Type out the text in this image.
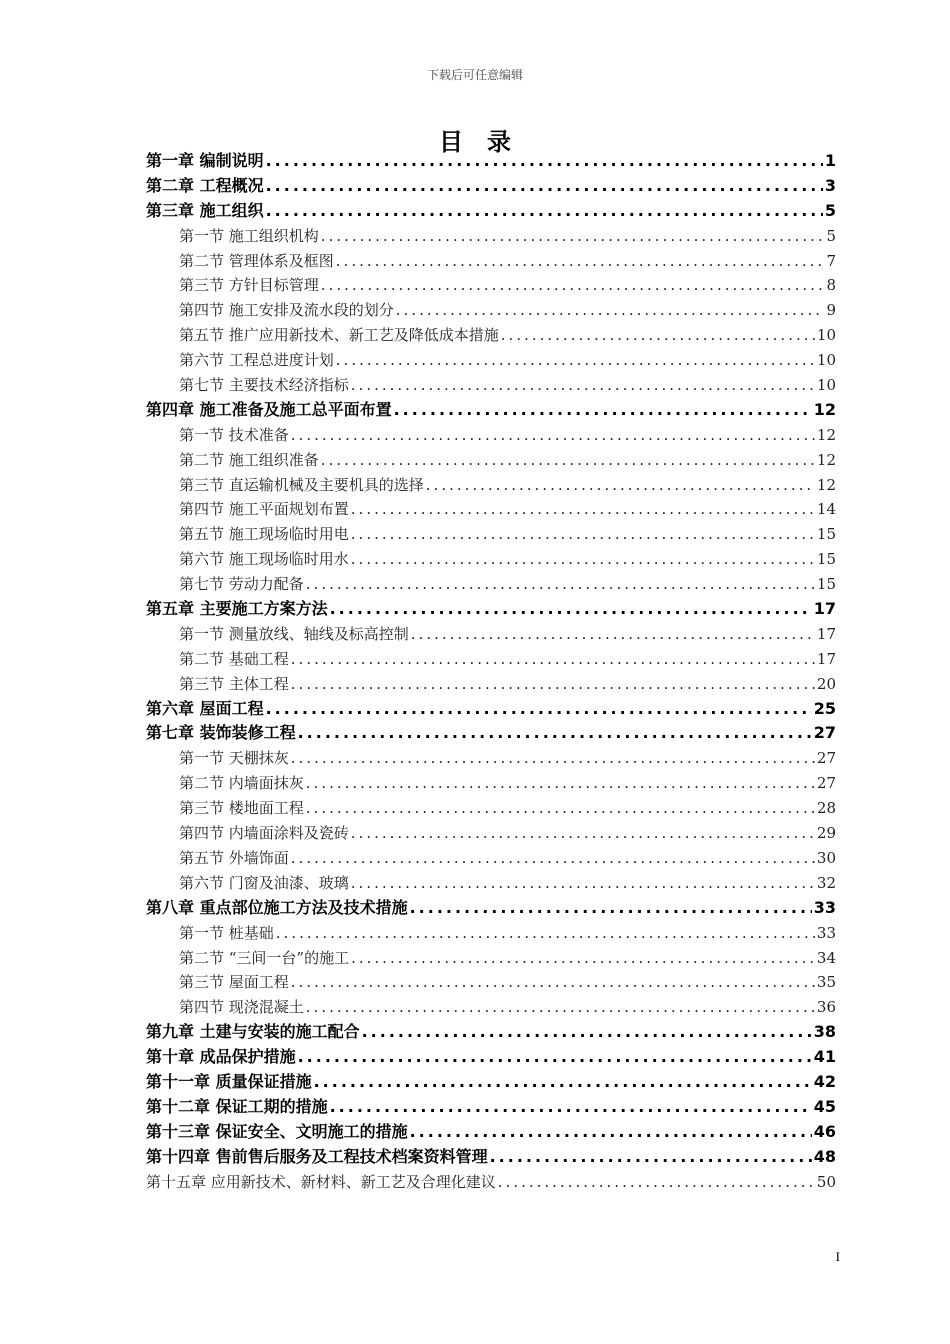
下载后可任意编辑
目　录
第一章 编制说明 .....	1
第二章 工程概况 .....	3
第三章 施工组织 .....	5
第一节 施工组织机构 .....	5
第二节 管理体系及框图 .....	7
第三节 方针目标管理 .....	8
第四节 施工安排及流水段的划分 .....	9
第五节 推广应用新技术、新工艺及降低成本措施 .....	10
第六节 工程总进度计划 .....	10
第七节 主要技术经济指标 .....	10
第四章 施工准备及施工总平面布置 .....	12
第一节 技术准备 .....	12
第二节 施工组织准备 .....	12
第三节 直运输机械及主要机具的选择 .....	12
第四节 施工平面规划布置 .....	14
第五节 施工现场临时用电 .....	15
第六节 施工现场临时用水 .....	15
第七节 劳动力配备 .....	15
第五章 主要施工方案方法 .....	17
第一节 测量放线、轴线及标高控制 .....	17
第二节 基础工程 .....	17
第三节 主体工程 .....	20
第六章 屋面工程 .....	25
第七章 装饰装修工程 .....	27
第一节 天棚抹灰 .....	27
第二节 内墙面抹灰 .....	27
第三节 楼地面工程 .....	28
第四节 内墙面涂料及瓷砖 .....	29
第五节 外墙饰面 .....	30
第六节 门窗及油漆、玻璃 .....	32
第八章 重点部位施工方法及技术措施 .....	33
第一节 桩基础 .....	33
第二节 “三间一台”的施工 .....	34
第三节 屋面工程 .....	35
第四节 现浇混凝土 .....	36
第九章 土建与安装的施工配合 .....	38
第十章 成品保护措施 .....	41
第十一章 质量保证措施 .....	42
第十二章 保证工期的措施 .....	45
第十三章 保证安全、文明施工的措施 .....	46
第十四章 售前售后服务及工程技术档案资料管理 .....	48
第十五章 应用新技术、新材料、新工艺及合理化建议 .....	50
I
